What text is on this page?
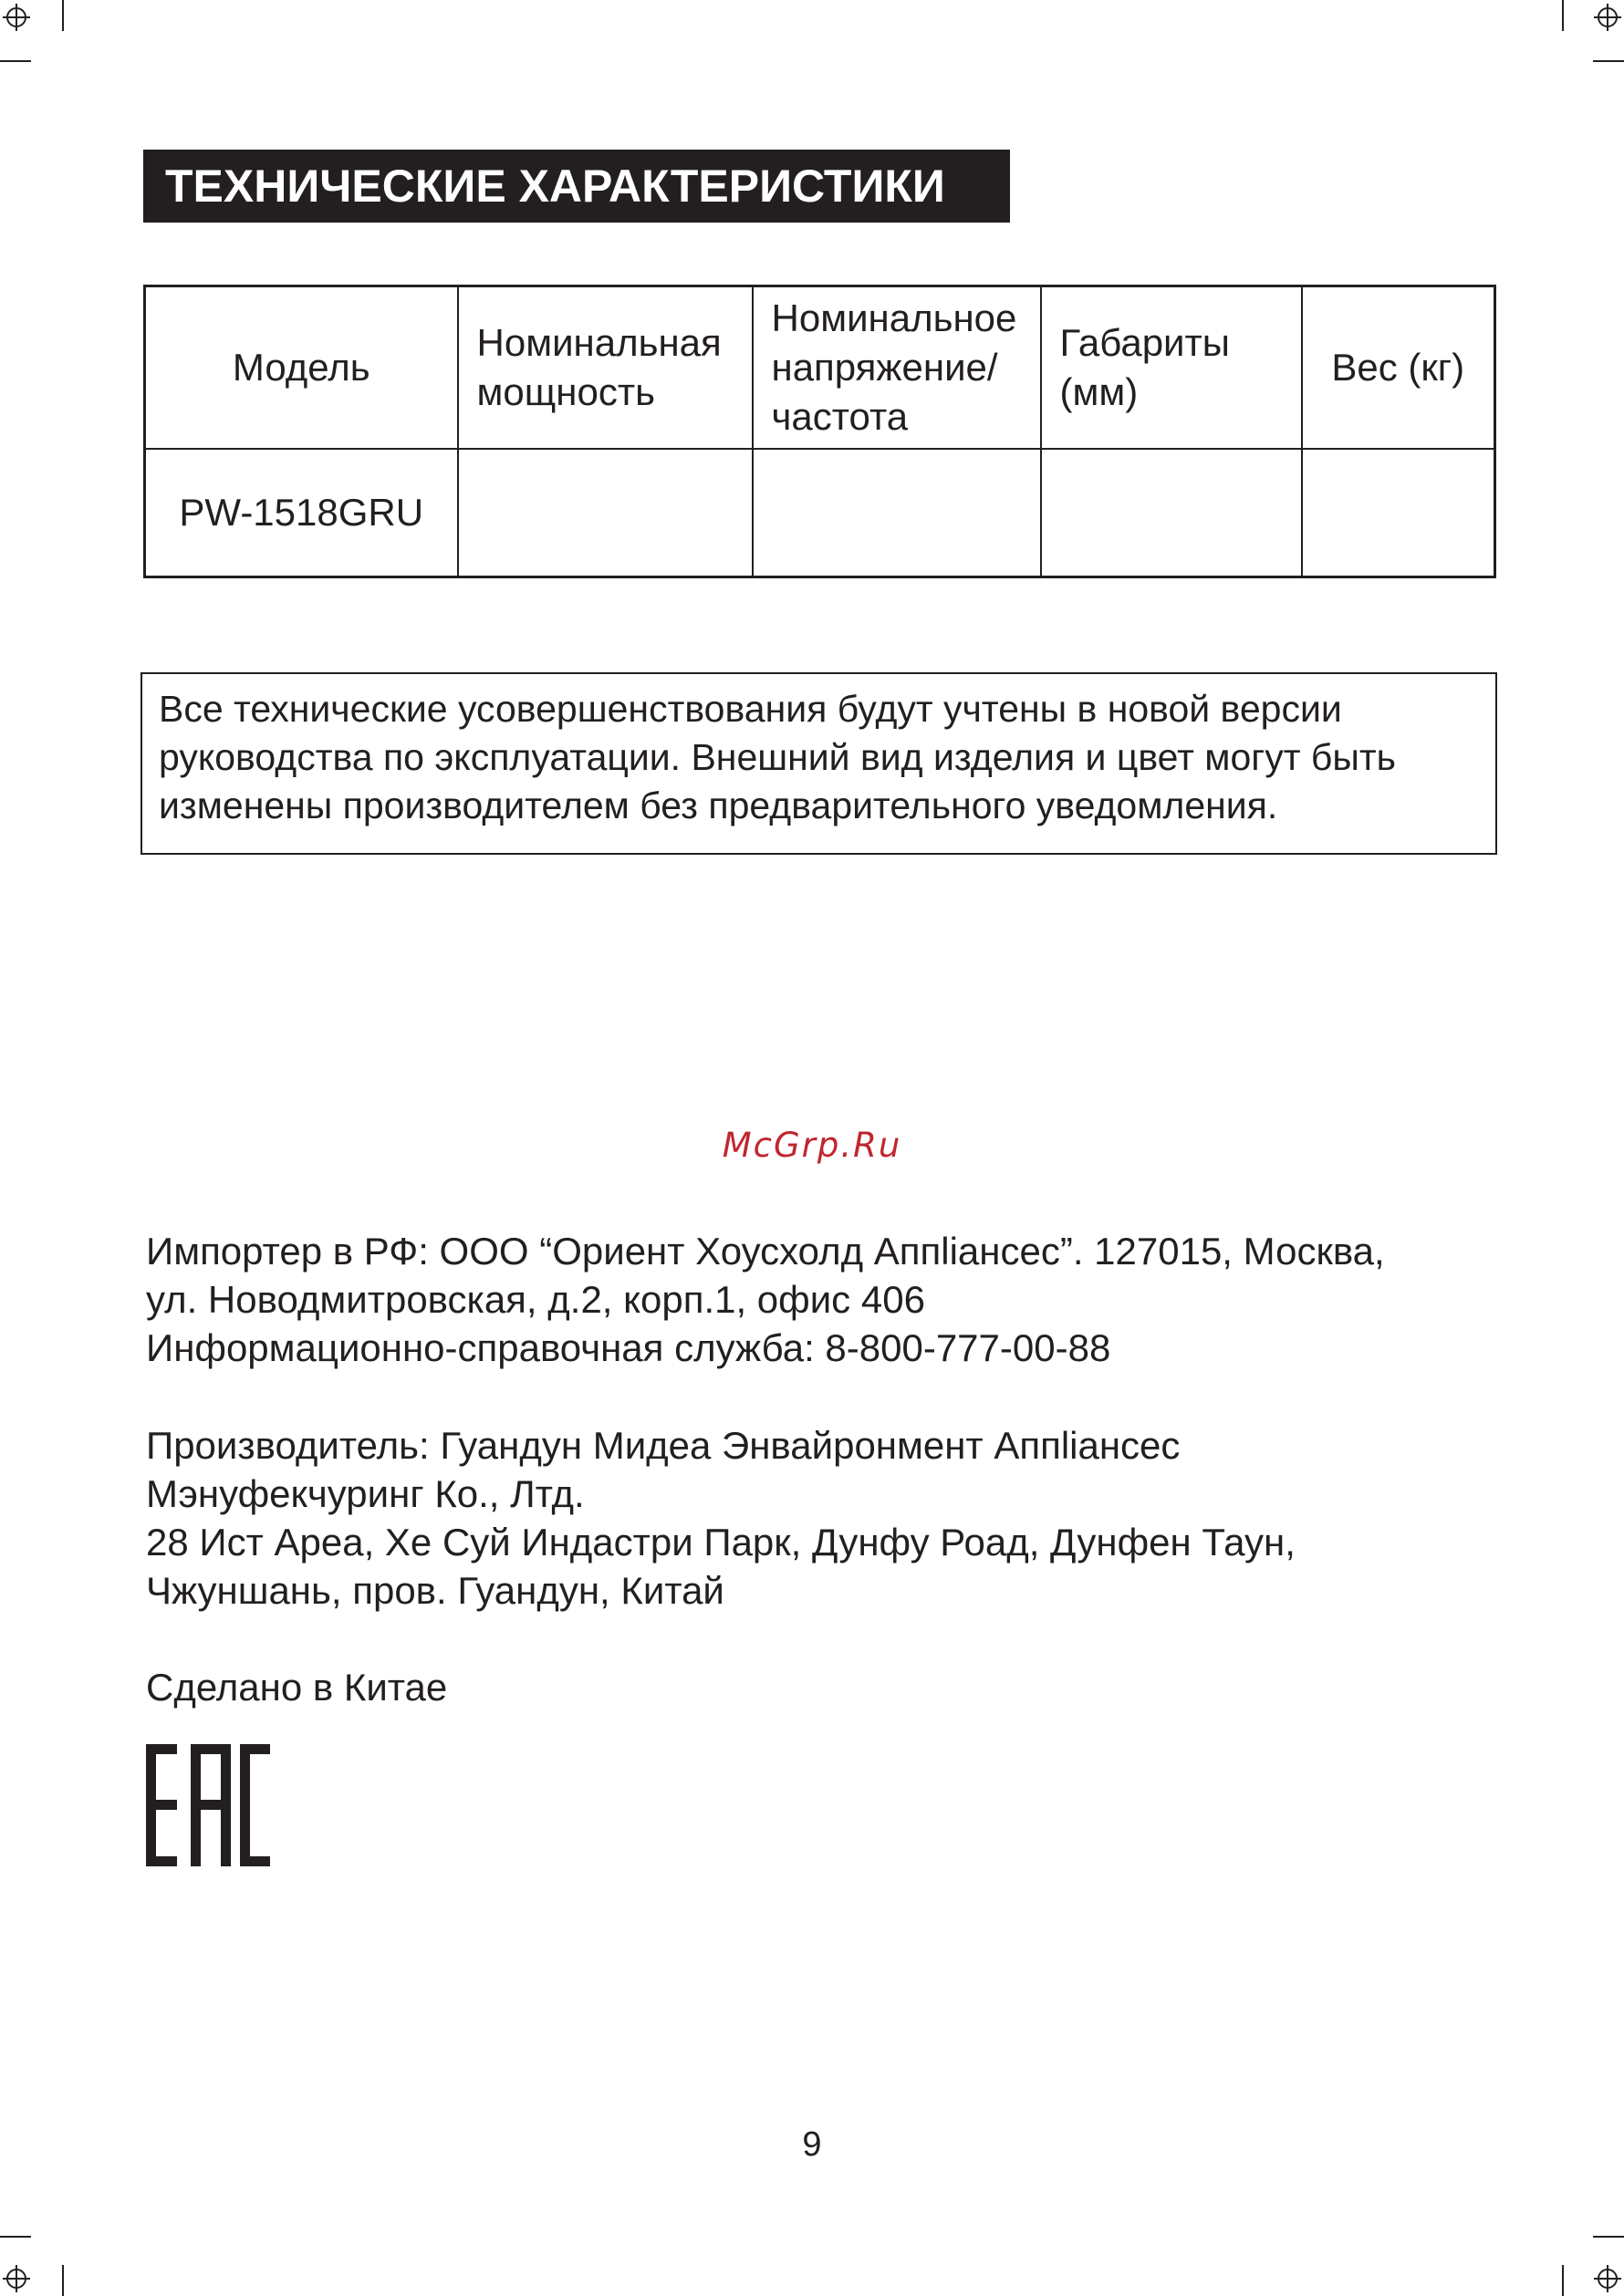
ТЕХНИЧЕСКИЕ ХАРАКТЕРИСТИКИ
Модель	Номинальная мощность	Номинальное напряжение/ частота	Габариты (мм)	Вес (кг)
PW-1518GRU				
Все технические усовершенствования будут учтены в новой версии руководства по эксплуатации. Внешний вид изделия и цвет могут быть изменены производителем без предварительного уведомления.
McGrp.Ru
Импортер в РФ: ООО “Ориент Хоусхолд Аппliансес”. 127015, Москва,
ул. Новодмитровская, д.2, корп.1, офис 406
Информационно-справочная служба: 8-800-777-00-88
Производитель: Гуандун Мидеа Энвайронмент Аппliансес
Мэнуфекчуринг Ко., Лтд.
28 Ист Ареа, Хе Суй Индастри Парк, Дунфу Роад, Дунфен Таун,
Чжуншань, пров. Гуандун, Китай
Сделано в Китае
9
